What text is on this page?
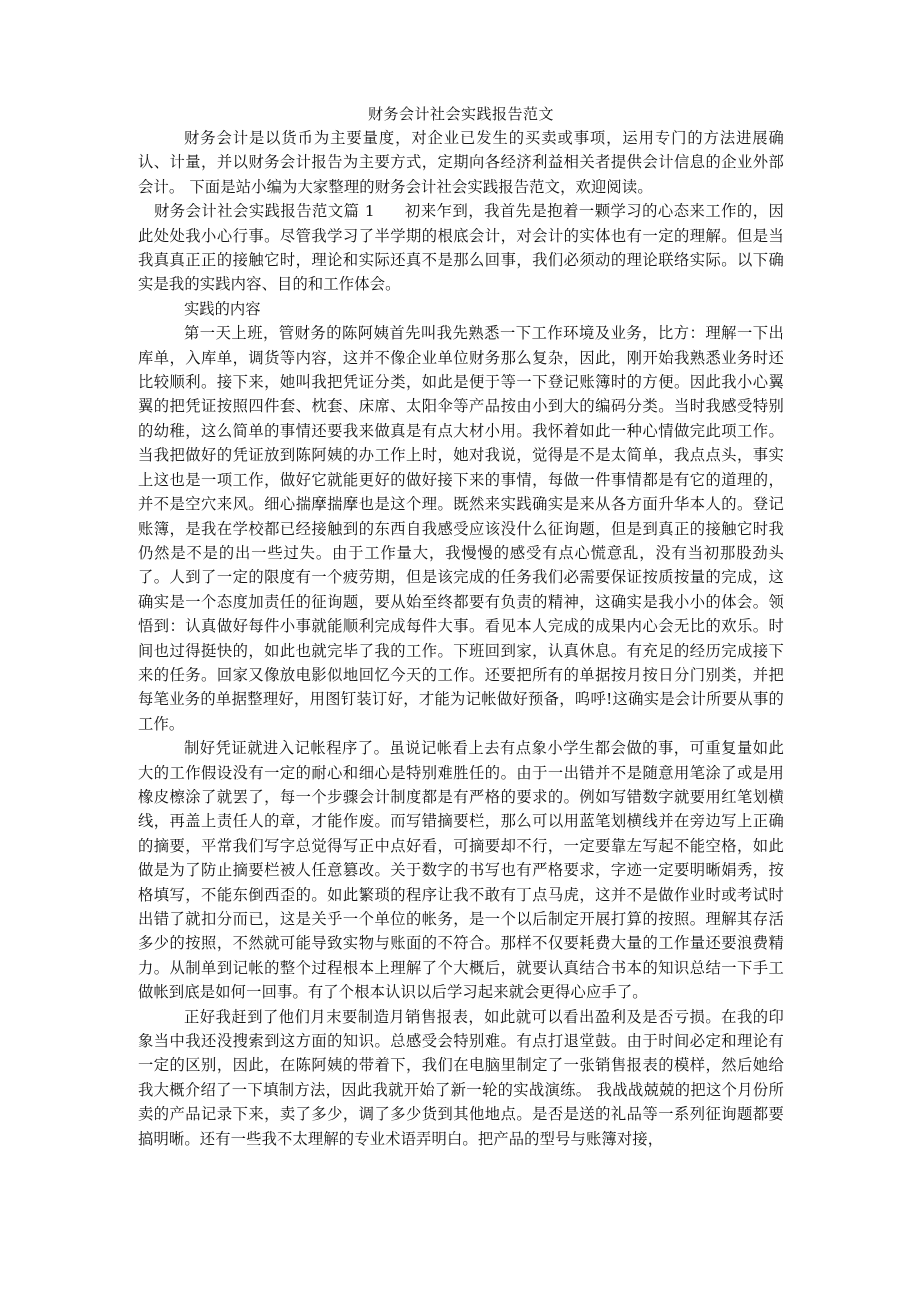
财务会计社会实践报告范文

财务会计是以货币为主要量度，对企业已发生的买卖或事项，运用专门的方法进展确认、计量，并以财务会计报告为主要方式，定期向各经济利益相关者提供会计信息的企业外部会计。 下面是站小编为大家整理的财务会计社会实践报告范文，欢迎阅读。

财务会计社会实践报告范文篇 1 初来乍到，我首先是抱着一颗学习的心态来工作的，因此处处我小心行事。尽管我学习了半学期的根底会计，对会计的实体也有一定的理解。但是当我真真正正的接触它时，理论和实际还真不是那么回事，我们必须动的理论联络实际。以下确实是我的实践内容、目的和工作体会。

实践的内容

第一天上班，管财务的陈阿姨首先叫我先熟悉一下工作环境及业务，比方：理解一下出库单，入库单，调货等内容，这并不像企业单位财务那么复杂，因此，刚开始我熟悉业务时还比较顺利。接下来，她叫我把凭证分类，如此是便于等一下登记账簿时的方便。因此我小心翼翼的把凭证按照四件套、枕套、床席、太阳伞等产品按由小到大的编码分类。当时我感受特别的幼稚，这么简单的事情还要我来做真是有点大材小用。我怀着如此一种心情做完此项工作。当我把做好的凭证放到陈阿姨的办工作上时，她对我说，觉得是不是太简单，我点点头，事实上这也是一项工作，做好它就能更好的做好接下来的事情，每做一件事情都是有它的道理的，并不是空穴来风。细心揣摩揣摩也是这个理。既然来实践确实是来从各方面升华本人的。登记账簿，是我在学校都已经接触到的东西自我感受应该没什么征询题，但是到真正的接触它时我仍然是不是的出一些过失。由于工作量大，我慢慢的感受有点心慌意乱，没有当初那股劲头了。人到了一定的限度有一个疲劳期，但是该完成的任务我们必需要保证按质按量的完成，这确实是一个态度加责任的征询题，要从始至终都要有负责的精神，这确实是我小小的体会。领悟到：认真做好每件小事就能顺利完成每件大事。看见本人完成的成果内心会无比的欢乐。时间也过得挺快的，如此也就完毕了我的工作。下班回到家，认真休息。有充足的经历完成接下来的任务。回家又像放电影似地回忆今天的工作。还要把所有的单据按月按日分门别类，并把每笔业务的单据整理好，用图钉装订好，才能为记帐做好预备，呜呼!这确实是会计所要从事的工作。

制好凭证就进入记帐程序了。虽说记帐看上去有点象小学生都会做的事，可重复量如此大的工作假设没有一定的耐心和细心是特别难胜任的。由于一出错并不是随意用笔涂了或是用橡皮檫涂了就罢了，每一个步骤会计制度都是有严格的要求的。例如写错数字就要用红笔划横线，再盖上责任人的章，才能作废。而写错摘要栏，那么可以用蓝笔划横线并在旁边写上正确的摘要，平常我们写字总觉得写正中点好看，可摘要却不行，一定要靠左写起不能空格，如此做是为了防止摘要栏被人任意篡改。关于数字的书写也有严格要求，字迹一定要明晰娟秀，按格填写，不能东倒西歪的。如此繁琐的程序让我不敢有丁点马虎，这并不是做作业时或考试时出错了就扣分而已，这是关乎一个单位的帐务，是一个以后制定开展打算的按照。理解其存活多少的按照，不然就可能导致实物与账面的不符合。那样不仅要耗费大量的工作量还要浪费精力。从制单到记帐的整个过程根本上理解了个大概后，就要认真结合书本的知识总结一下手工做帐到底是如何一回事。有了个根本认识以后学习起来就会更得心应手了。

正好我赶到了他们月末要制造月销售报表，如此就可以看出盈利及是否亏损。在我的印象当中我还没搜索到这方面的知识。总感受会特别难。有点打退堂鼓。由于时间必定和理论有一定的区别，因此，在陈阿姨的带着下，我们在电脑里制定了一张销售报表的模样，然后她给我大概介绍了一下填制方法，因此我就开始了新一轮的实战演练。 我战战兢兢的把这个月份所卖的产品记录下来，卖了多少，调了多少货到其他地点。是否是送的礼品等一系列征询题都要搞明晰。还有一些我不太理解的专业术语弄明白。把产品的型号与账簿对接，
